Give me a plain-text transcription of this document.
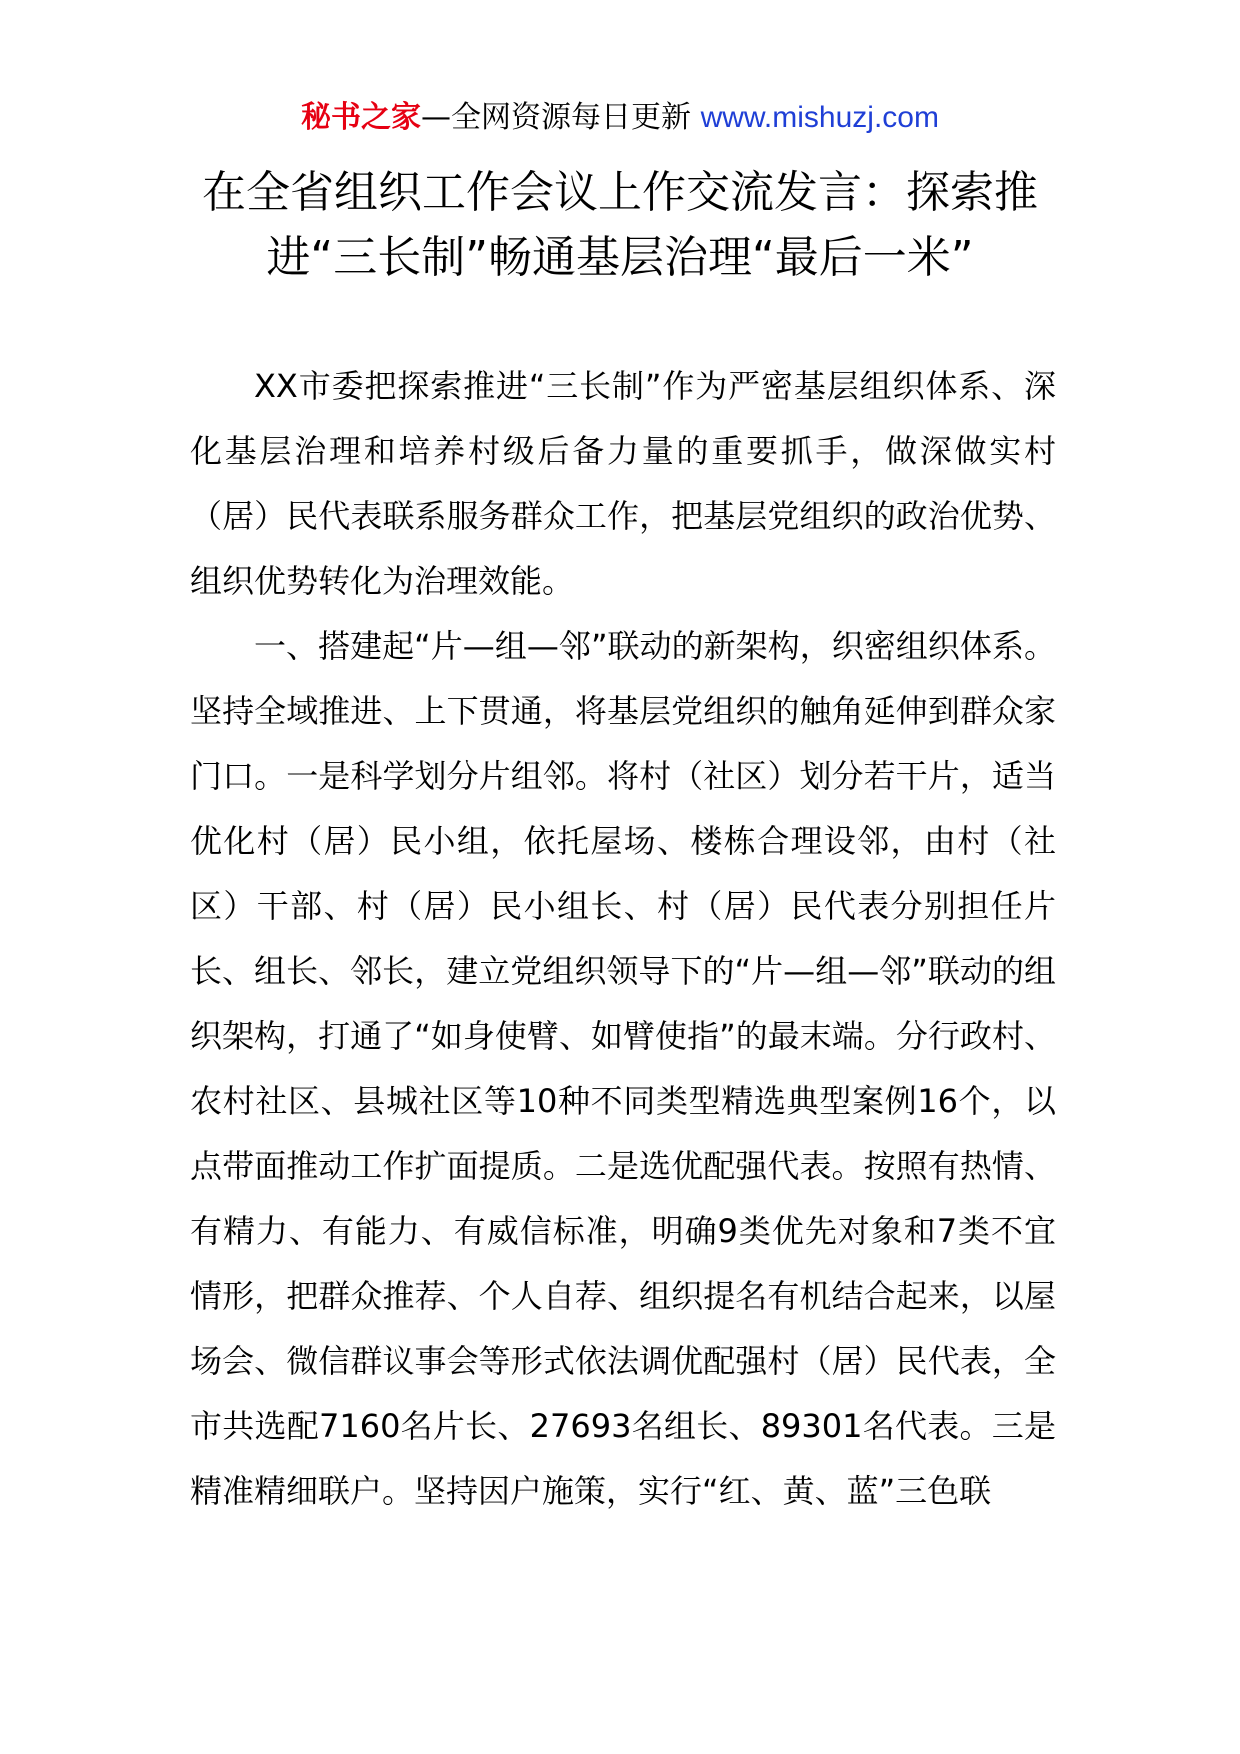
秘书之家—全网资源每日更新 www.mishuzj.com
在全省组织工作会议上作交流发言：探索推进“三长制”畅通基层治理“最后一米”

XX市委把探索推进“三长制”作为严密基层组织体系、深化基层治理和培养村级后备力量的重要抓手，做深做实村（居）民代表联系服务群众工作，把基层党组织的政治优势、组织优势转化为治理效能。

一、搭建起“片—组—邻”联动的新架构，织密组织体系。坚持全域推进、上下贯通，将基层党组织的触角延伸到群众家门口。一是科学划分片组邻。将村（社区）划分若干片，适当优化村（居）民小组，依托屋场、楼栋合理设邻，由村（社区）干部、村（居）民小组长、村（居）民代表分别担任片长、组长、邻长，建立党组织领导下的“片—组—邻”联动的组织架构，打通了“如身使臂、如臂使指”的最末端。分行政村、农村社区、县城社区等10种不同类型精选典型案例16个，以点带面推动工作扩面提质。二是选优配强代表。按照有热情、有精力、有能力、有威信标准，明确9类优先对象和7类不宜情形，把群众推荐、个人自荐、组织提名有机结合起来，以屋场会、微信群议事会等形式依法调优配强村（居）民代表，全市共选配7160名片长、27693名组长、89301名代表。三是精准精细联户。坚持因户施策，实行“红、黄、蓝”三色联
